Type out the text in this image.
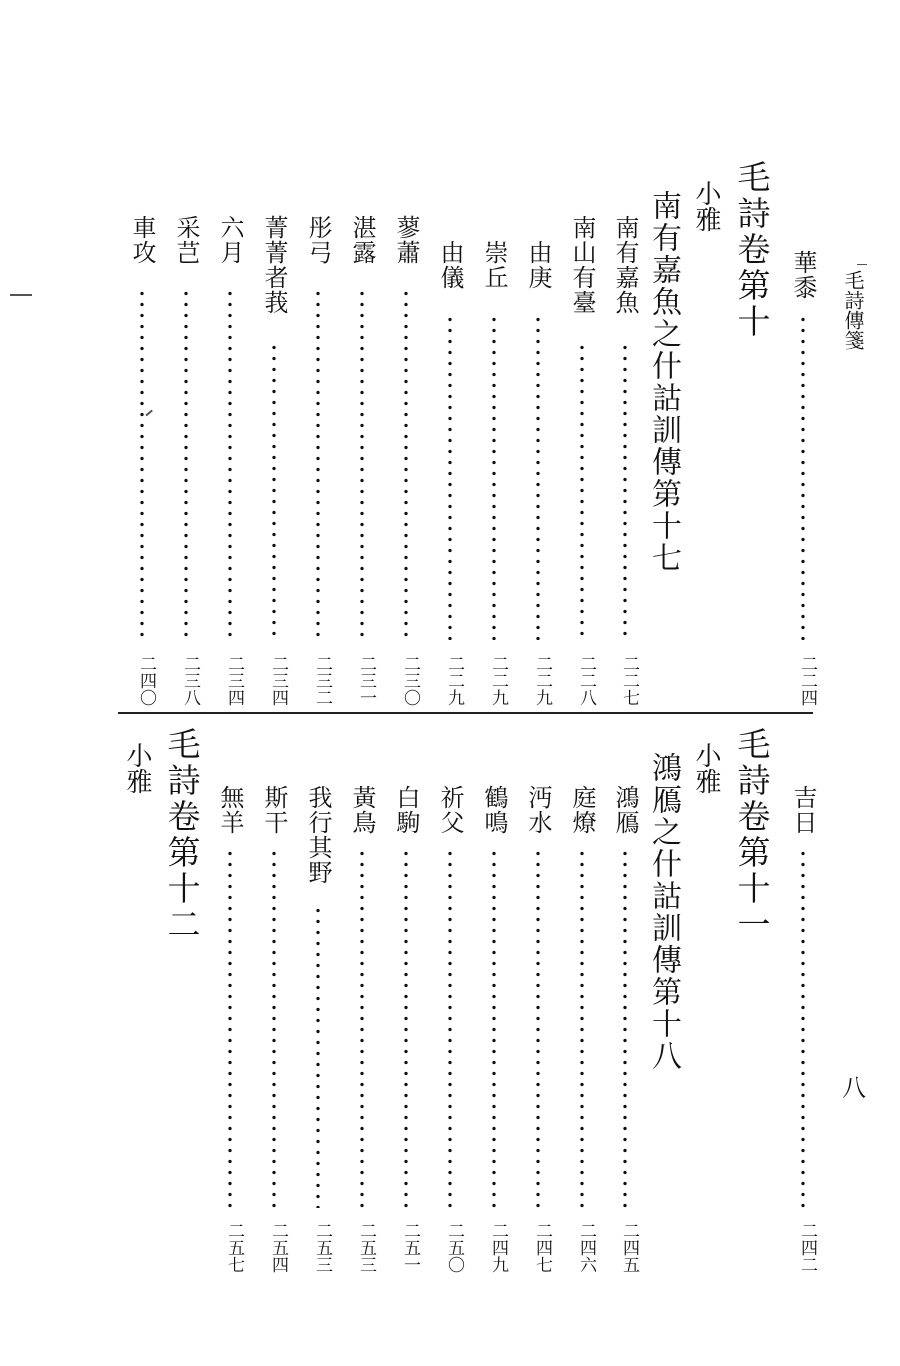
毛詩傳箋
八
華黍
二二四
毛詩卷第十
小雅
南有嘉魚之什詁訓傳第十七
南有嘉魚
二二七
南山有臺
二二八
由庚
二二九
崇丘
二二九
由儀
二二九
蓼蕭
二三〇
湛露
二三一
彤弓
二三二
菁菁者莪
二三四
六月
二三四
采芑
二三八
車攻
二四〇
吉日
二四二
毛詩卷第十一
小雅
鴻鴈之什詁訓傳第十八
鴻鴈
二四五
庭燎
二四六
沔水
二四七
鶴鳴
二四九
祈父
二五〇
白駒
二五一
黃鳥
二五三
我行其野
二五三
斯干
二五四
無羊
二五七
毛詩卷第十二
小雅
